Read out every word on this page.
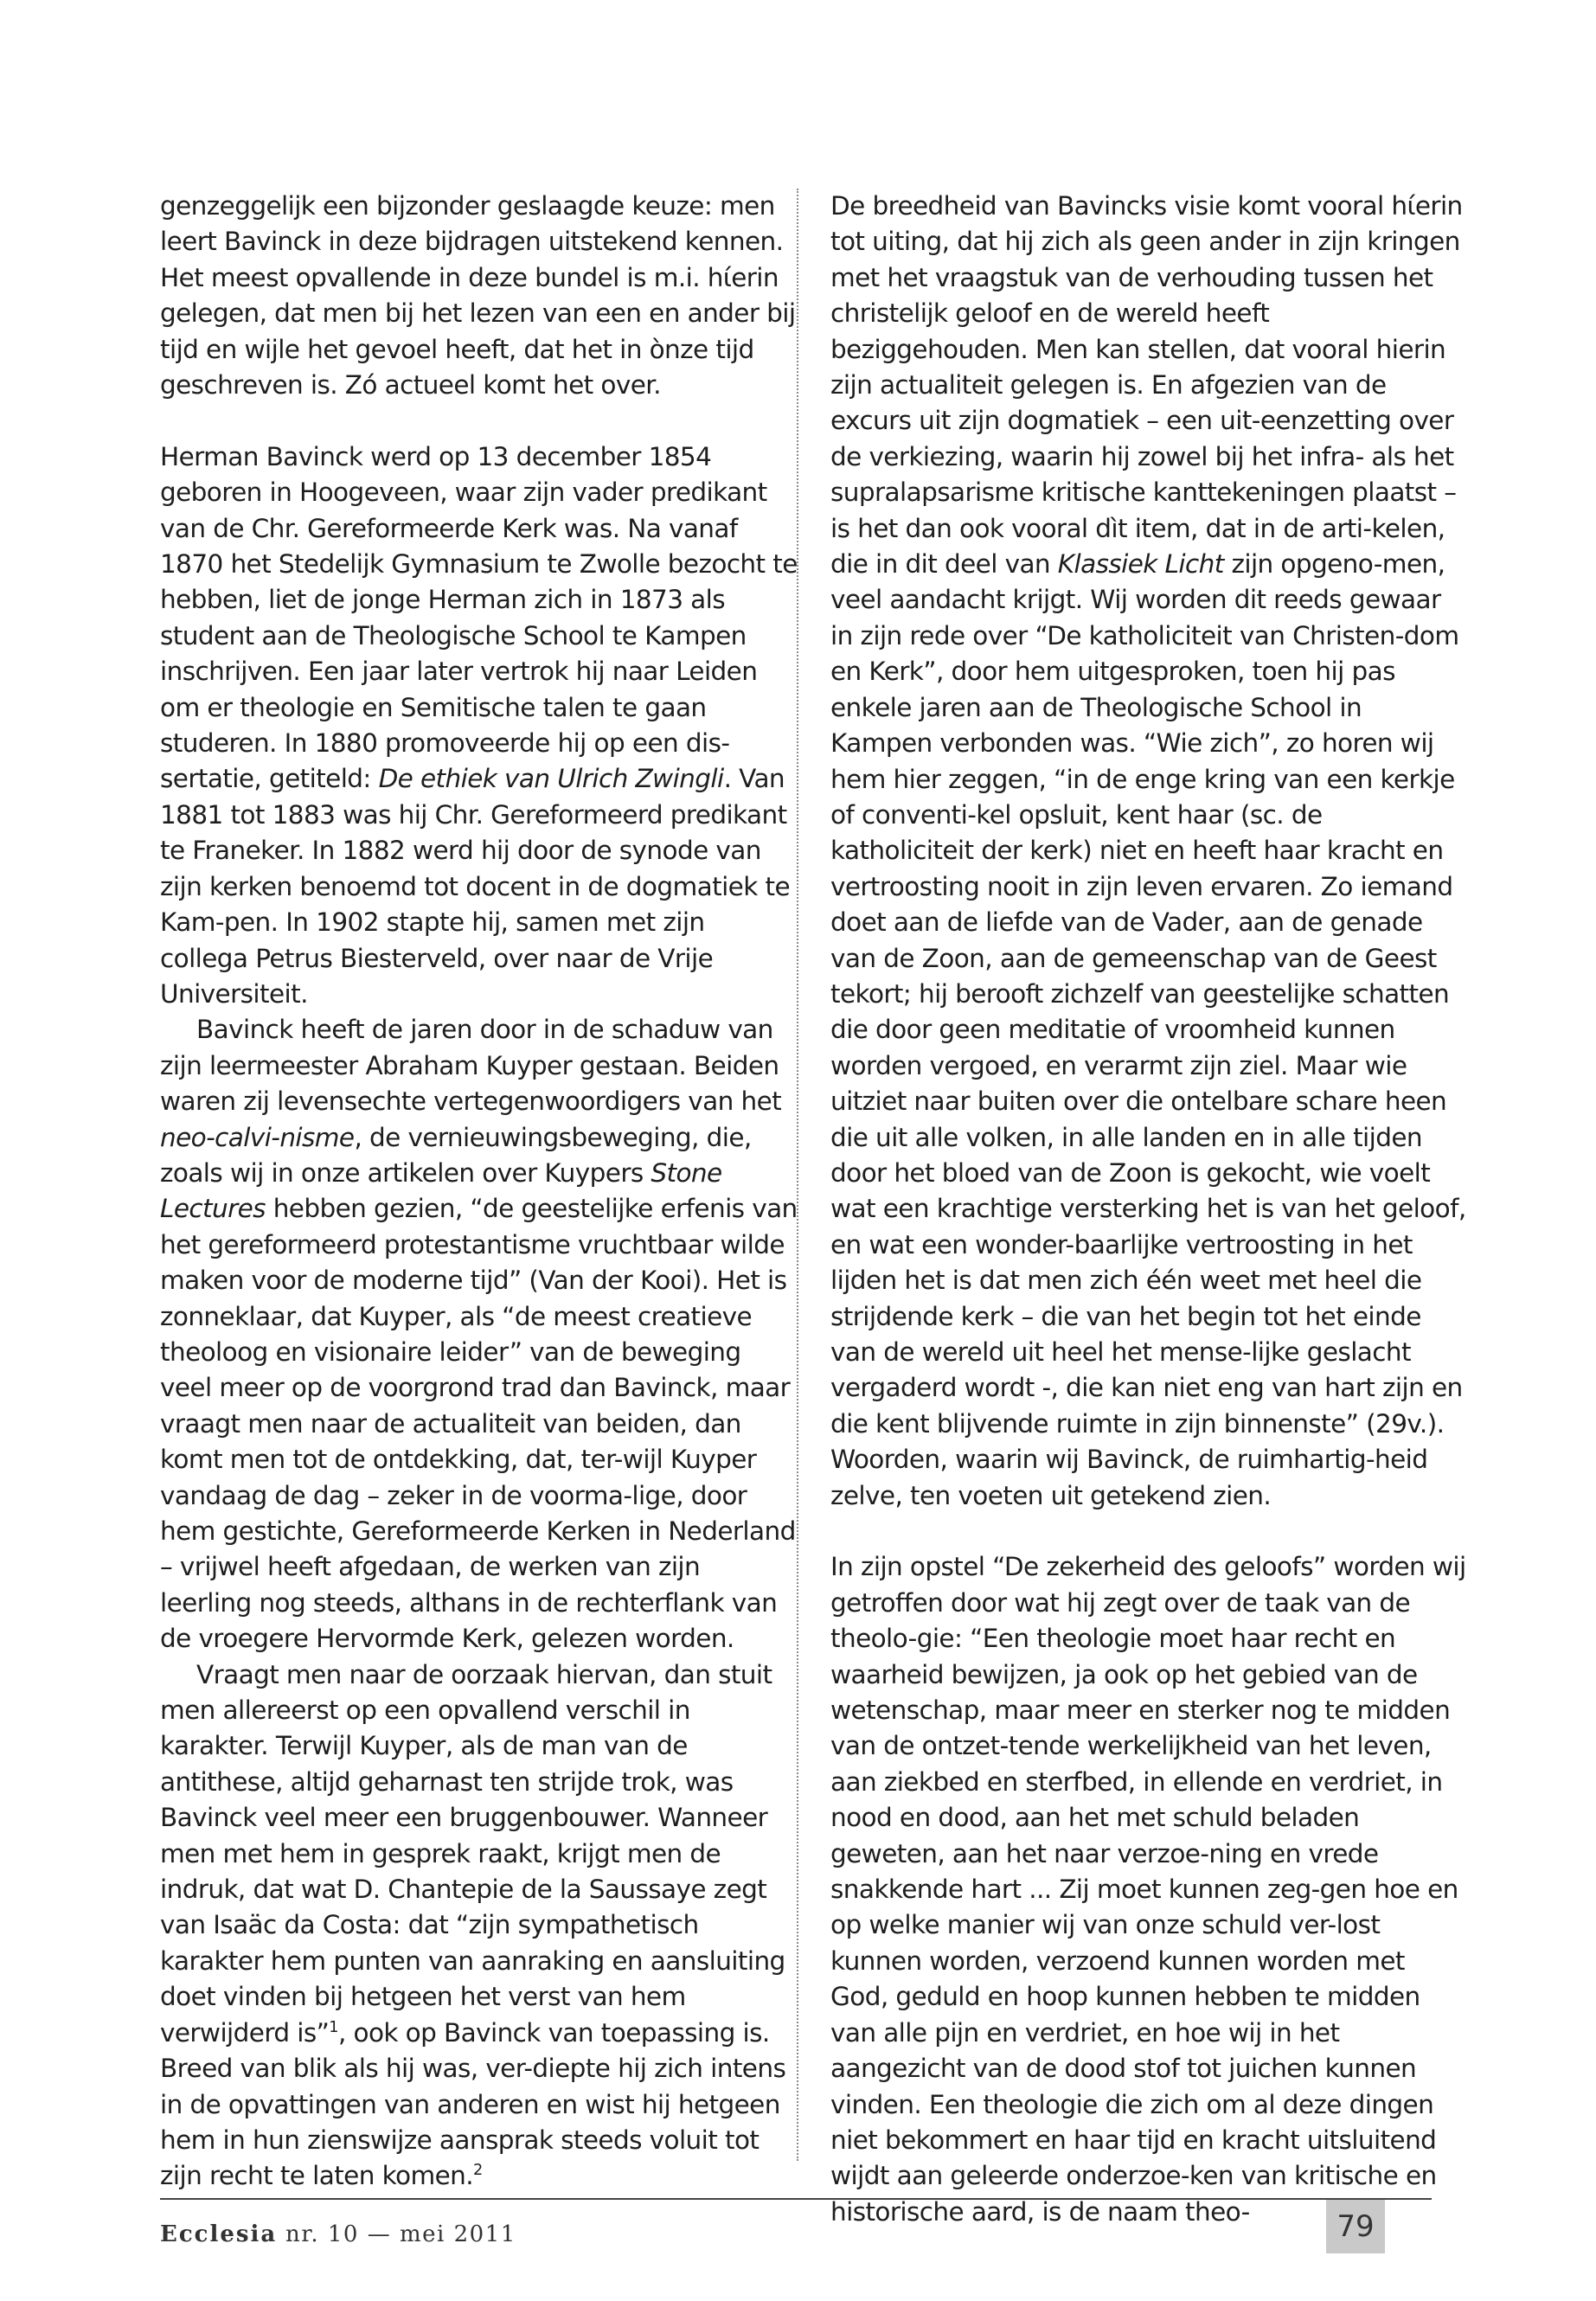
genzeggelijk een bijzonder geslaagde keuze: men leert Bavinck in deze bijdragen uitstekend kennen. Het meest opvallende in deze bundel is m.i. hίerin gelegen, dat men bij het lezen van een en ander bij tijd en wijle het gevoel heeft, dat het in ònze tijd geschreven is. Zó actueel komt het over.

Herman Bavinck werd op 13 december 1854 geboren in Hoogeveen, waar zijn vader predikant van de Chr. Gereformeerde Kerk was. Na vanaf 1870 het Stedelijk Gymnasium te Zwolle bezocht te hebben, liet de jonge Herman zich in 1873 als student aan de Theologische School te Kampen inschrijven. Een jaar later vertrok hij naar Leiden om er theologie en Semitische talen te gaan studeren. In 1880 promoveerde hij op een dis-sertatie, getiteld: De ethiek van Ulrich Zwingli. Van 1881 tot 1883 was hij Chr. Gereformeerd predikant te Franeker. In 1882 werd hij door de synode van zijn kerken benoemd tot docent in de dogmatiek te Kam-pen. In 1902 stapte hij, samen met zijn collega Petrus Biesterveld, over naar de Vrije Universiteit.

Bavinck heeft de jaren door in de schaduw van zijn leermeester Abraham Kuyper gestaan. Beiden waren zij levensechte vertegenwoordigers van het neo-calvi-nisme, de vernieuwingsbeweging, die, zoals wij in onze artikelen over Kuypers Stone Lectures hebben gezien, “de geestelijke erfenis van het gereformeerd protestantisme vruchtbaar wilde maken voor de moderne tijd” (Van der Kooi). Het is zonneklaar, dat Kuyper, als “de meest creatieve theoloog en visionaire leider” van de beweging veel meer op de voorgrond trad dan Bavinck, maar vraagt men naar de actualiteit van beiden, dan komt men tot de ontdekking, dat, ter-wijl Kuyper vandaag de dag – zeker in de voorma-lige, door hem gestichte, Gereformeerde Kerken in Nederland – vrijwel heeft afgedaan, de werken van zijn leerling nog steeds, althans in de rechterflank van de vroegere Hervormde Kerk, gelezen worden.

Vraagt men naar de oorzaak hiervan, dan stuit men allereerst op een opvallend verschil in karakter. Terwijl Kuyper, als de man van de antithese, altijd geharnast ten strijde trok, was Bavinck veel meer een bruggenbouwer. Wanneer men met hem in gesprek raakt, krijgt men de indruk, dat wat D. Chantepie de la Saussaye zegt van Isaäc da Costa: dat “zijn sympathetisch karakter hem punten van aanraking en aansluiting doet vinden bij hetgeen het verst van hem verwijderd is”$^1$, ook op Bavinck van toepassing is. Breed van blik als hij was, ver-diepte hij zich intens in de opvattingen van anderen en wist hij hetgeen hem in hun zienswijze aansprak steeds voluit tot zijn recht te laten komen.$^2$

De breedheid van Bavincks visie komt vooral hίerin tot uiting, dat hij zich als geen ander in zijn kringen met het vraagstuk van de verhouding tussen het christelijk geloof en de wereld heeft beziggehouden. Men kan stellen, dat vooral hierin zijn actualiteit gelegen is. En afgezien van de excurs uit zijn dogmatiek – een uit-eenzetting over de verkiezing, waarin hij zowel bij het infra- als het supralapsarisme kritische kanttekeningen plaatst – is het dan ook vooral dìt item, dat in de arti-kelen, die in dit deel van Klassiek Licht zijn opgeno-men, veel aandacht krijgt. Wij worden dit reeds gewaar in zijn rede over “De katholiciteit van Christen-dom en Kerk”, door hem uitgesproken, toen hij pas enkele jaren aan de Theologische School in Kampen verbonden was. “Wie zich”, zo horen wij hem hier zeggen, “in de enge kring van een kerkje of conventi-kel opsluit, kent haar (sc. de katholiciteit der kerk) niet en heeft haar kracht en vertroosting nooit in zijn leven ervaren. Zo iemand doet aan de liefde van de Vader, aan de genade van de Zoon, aan de gemeenschap van de Geest tekort; hij berooft zichzelf van geestelijke schatten die door geen meditatie of vroomheid kunnen worden vergoed, en verarmt zijn ziel. Maar wie uitziet naar buiten over die ontelbare schare heen die uit alle volken, in alle landen en in alle tijden door het bloed van de Zoon is gekocht, wie voelt wat een krachtige versterking het is van het geloof, en wat een wonder-baarlijke vertroosting in het lijden het is dat men zich één weet met heel die strijdende kerk – die van het begin tot het einde van de wereld uit heel het mense-lijke geslacht vergaderd wordt -, die kan niet eng van hart zijn en die kent blijvende ruimte in zijn binnenste” (29v.). Woorden, waarin wij Bavinck, de ruimhartig-heid zelve, ten voeten uit getekend zien.

In zijn opstel “De zekerheid des geloofs” worden wij getroffen door wat hij zegt over de taak van de theolo-gie: “Een theologie moet haar recht en waarheid bewijzen, ja ook op het gebied van de wetenschap, maar meer en sterker nog te midden van de ontzet-tende werkelijkheid van het leven, aan ziekbed en sterfbed, in ellende en verdriet, in nood en dood, aan het met schuld beladen geweten, aan het naar verzoe-ning en vrede snakkende hart ... Zij moet kunnen zeg-gen hoe en op welke manier wij van onze schuld ver-lost kunnen worden, verzoend kunnen worden met God, geduld en hoop kunnen hebben te midden van alle pijn en verdriet, en hoe wij in het aangezicht van de dood stof tot juichen kunnen vinden. Een theologie die zich om al deze dingen niet bekommert en haar tijd en kracht uitsluitend wijdt aan geleerde onderzoe-ken van kritische en historische aard, is de naam theo-

Ecclesia nr. 10 — mei 2011	79
